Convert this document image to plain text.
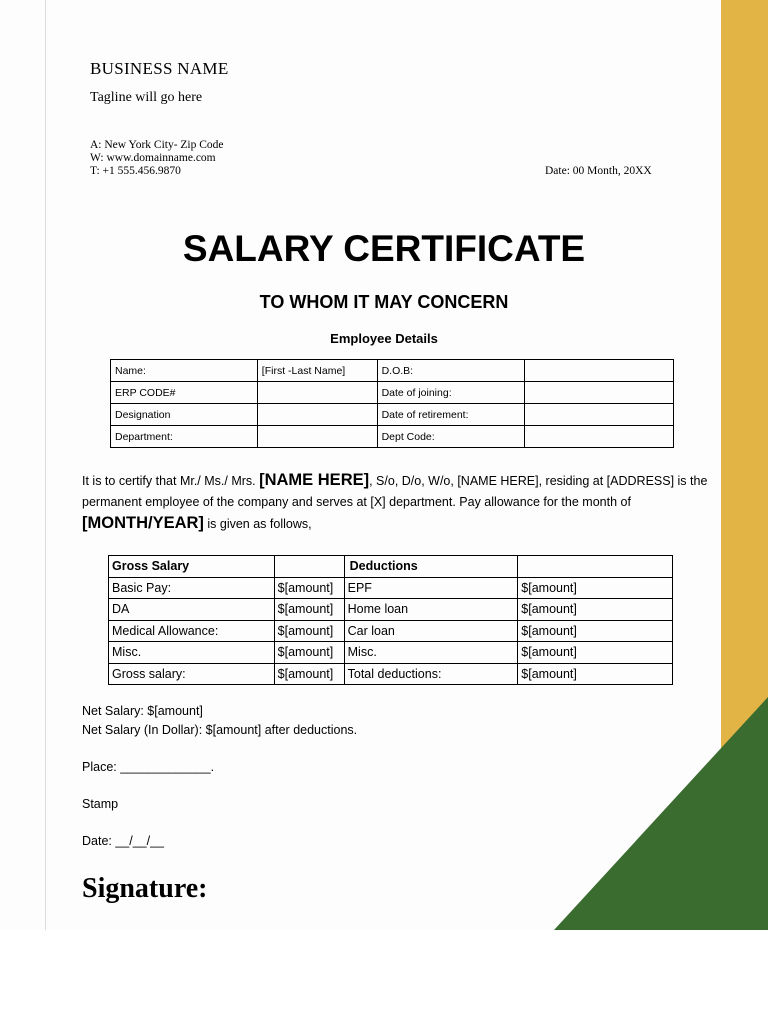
BUSINESS NAME
Tagline will go here
A: New York City- Zip Code
W: www.domainname.com
T: +1 555.456.9870	Date: 00 Month, 20XX
SALARY CERTIFICATE
TO WHOM IT MAY CONCERN
Employee Details
Name:	[First -Last Name]	D.O.B:	
ERP CODE#		Date of joining:	
Designation		Date of retirement:	
Department:		Dept Code:	
It is to certify that Mr./ Ms./ Mrs. [NAME HERE], S/o, D/o, W/o, [NAME HERE], residing at [ADDRESS] is the permanent employee of the company and serves at [X] department. Pay allowance for the month of [MONTH/YEAR] is given as follows,
Gross Salary		Deductions	
Basic Pay:	$[amount]	EPF	$[amount]
DA	$[amount]	Home loan	$[amount]
Medical Allowance:	$[amount]	Car loan	$[amount]
Misc.	$[amount]	Misc.	$[amount]
Gross salary:	$[amount]	Total deductions:	$[amount]
Net Salary: $[amount]
Net Salary (In Dollar): $[amount] after deductions.
Place: _____________.
Stamp
Date: __/__/__
Signature:
